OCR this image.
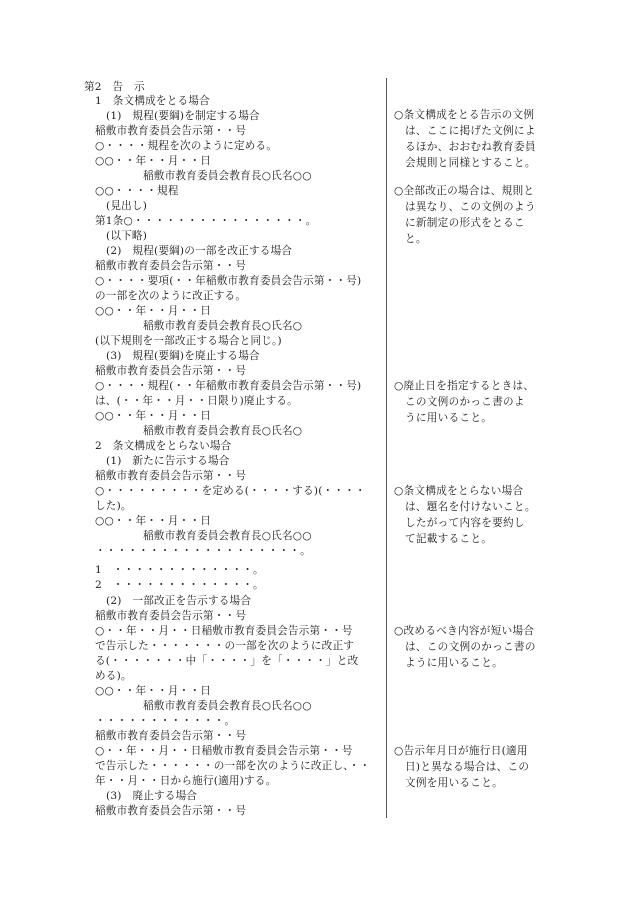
第2　告　示
1　条文構成をとる場合
(1)　規程(要綱)を制定する場合
稲敷市教育委員会告示第・・号
○・・・・規程を次のように定める。
○○・・年・・月・・日
稲敷市教育委員会教育長○氏名○○
○○・・・・規程
(見出し)
第1条○・・・・・・・・・・・・・・・・。
(以下略)
(2)　規程(要綱)の一部を改正する場合
稲敷市教育委員会告示第・・号
○・・・・要項(・・年稲敷市教育委員会告示第・・号)
の一部を次のように改正する。
○○・・年・・月・・日
稲敷市教育委員会教育長○氏名○
(以下規則を一部改正する場合と同じ。)
(3)　規程(要綱)を廃止する場合
稲敷市教育委員会告示第・・号
○・・・・規程(・・年稲敷市教育委員会告示第・・号)
は、(・・年・・月・・日限り)廃止する。
○○・・年・・月・・日
稲敷市教育委員会教育長○氏名○
2　条文構成をとらない場合
(1)　新たに告示する場合
稲敷市教育委員会告示第・・号
○・・・・・・・・・を定める(・・・・する)(・・・・
した)。
○○・・年・・月・・日
稲敷市教育委員会教育長○氏名○○
・・・・・・・・・・・・・・・・・・・。
1　・・・・・・・・・・・・・。
2　・・・・・・・・・・・・・。
(2)　一部改正を告示する場合
稲敷市教育委員会告示第・・号
○・・年・・月・・日稲敷市教育委員会告示第・・号
で告示した・・・・・・・の一部を次のように改正す
る(・・・・・・・中「・・・・」を「・・・・」と改
める)。
○○・・年・・月・・日
稲敷市教育委員会教育長○氏名○○
・・・・・・・・・・・・。
稲敷市教育委員会告示第・・号
○・・年・・月・・日稲敷市教育委員会告示第・・号
で告示した・・・・・・の一部を次のように改正し、・・
年・・月・・日から施行(適用)する。
(3)　廃止する場合
稲敷市教育委員会告示第・・号
○条文構成をとる告示の文例
は、ここに掲げた文例によ
るほか、おおむね教育委員
会規則と同様とすること。
○全部改正の場合は、規則と
は異なり、この文例のよう
に新制定の形式をとるこ
と。
○廃止日を指定するときは、
この文例のかっこ書のよ
うに用いること。
○条文構成をとらない場合
は、題名を付けないこと。
したがって内容を要約し
て記載すること。
○改めるべき内容が短い場合
は、この文例のかっこ書の
ように用いること。
○告示年月日が施行日(適用
日)と異なる場合は、この
文例を用いること。
